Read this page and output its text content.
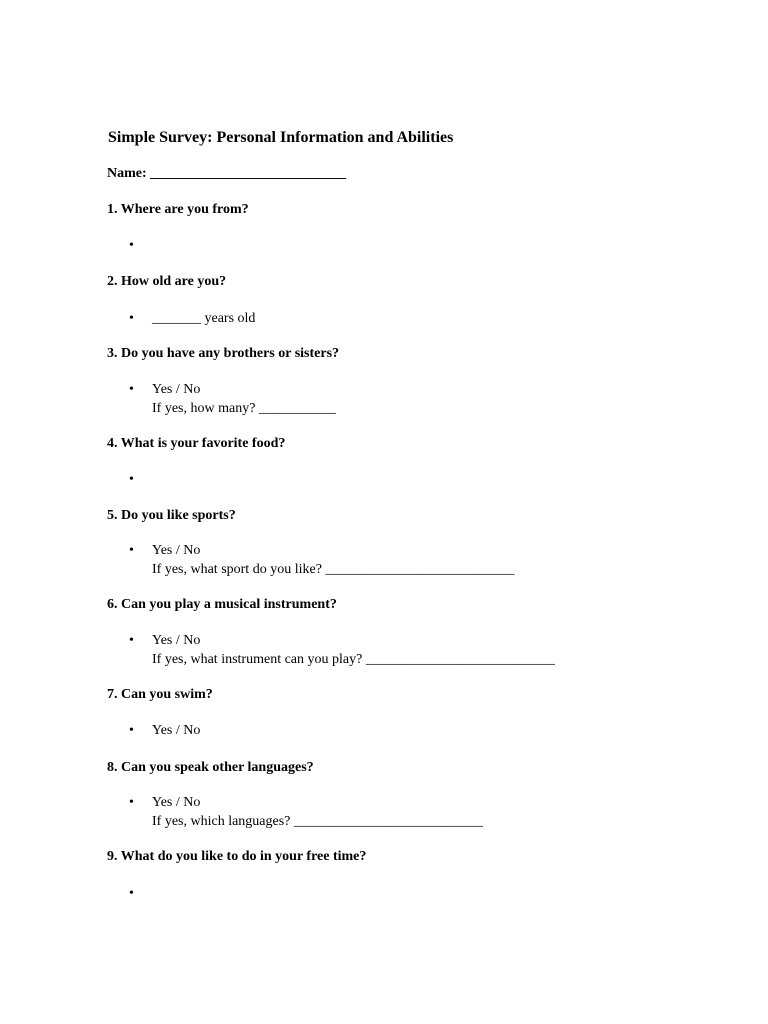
Simple Survey: Personal Information and Abilities
Name: ____________________________
1. Where are you from?
•
2. How old are you?
• _______ years old
3. Do you have any brothers or sisters?
• Yes / No
If yes, how many? ___________
4. What is your favorite food?
•
5. Do you like sports?
• Yes / No
If yes, what sport do you like? ___________________________
6. Can you play a musical instrument?
• Yes / No
If yes, what instrument can you play? ___________________________
7. Can you swim?
• Yes / No
8. Can you speak other languages?
• Yes / No
If yes, which languages? ___________________________
9. What do you like to do in your free time?
•
